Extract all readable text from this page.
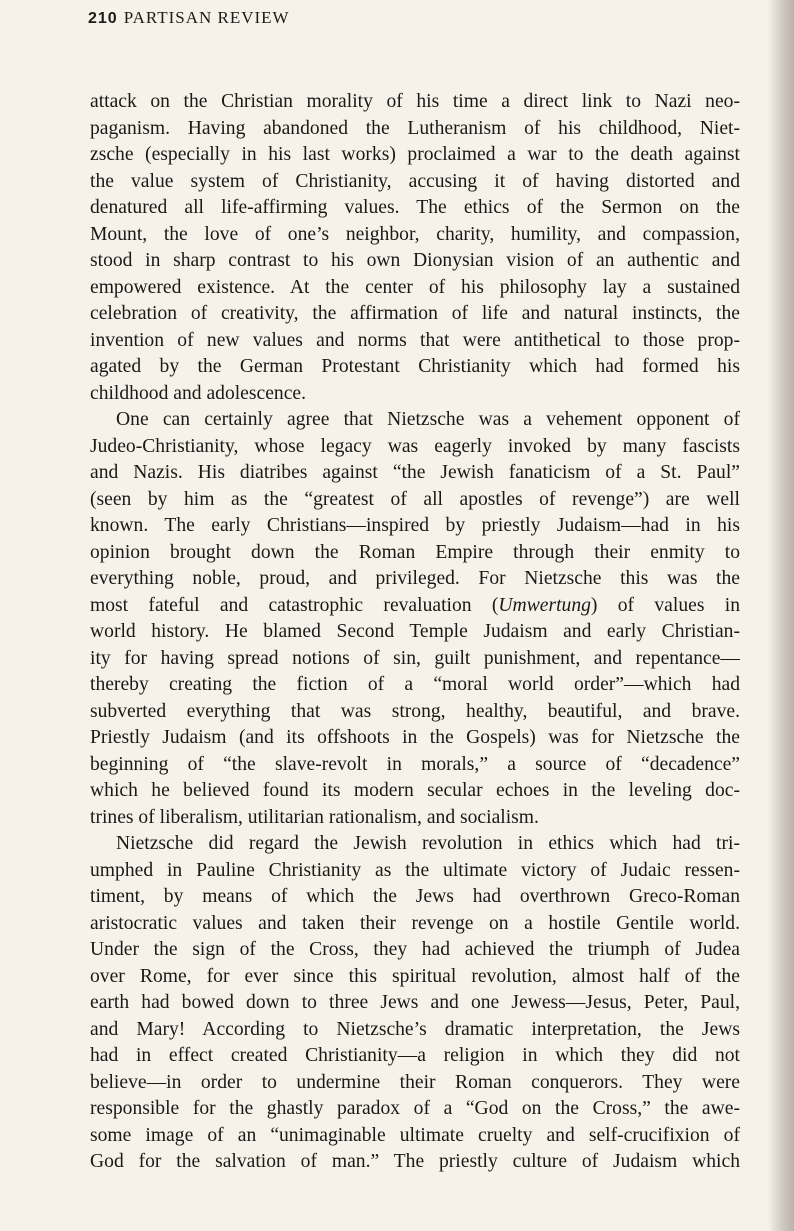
210 PARTISAN REVIEW
attack on the Christian morality of his time a direct link to Nazi neo-
paganism. Having abandoned the Lutheranism of his childhood, Niet-
zsche (especially in his last works) proclaimed a war to the death against
the value system of Christianity, accusing it of having distorted and
denatured all life-affirming values. The ethics of the Sermon on the
Mount, the love of one’s neighbor, charity, humility, and compassion,
stood in sharp contrast to his own Dionysian vision of an authentic and
empowered existence. At the center of his philosophy lay a sustained
celebration of creativity, the affirmation of life and natural instincts, the
invention of new values and norms that were antithetical to those prop-
agated by the German Protestant Christianity which had formed his
childhood and adolescence.
One can certainly agree that Nietzsche was a vehement opponent of
Judeo-Christianity, whose legacy was eagerly invoked by many fascists
and Nazis. His diatribes against “the Jewish fanaticism of a St. Paul”
(seen by him as the “greatest of all apostles of revenge”) are well
known. The early Christians—inspired by priestly Judaism—had in his
opinion brought down the Roman Empire through their enmity to
everything noble, proud, and privileged. For Nietzsche this was the
most fateful and catastrophic revaluation (Umwertung) of values in
world history. He blamed Second Temple Judaism and early Christian-
ity for having spread notions of sin, guilt punishment, and repentance—
thereby creating the fiction of a “moral world order”—which had
subverted everything that was strong, healthy, beautiful, and brave.
Priestly Judaism (and its offshoots in the Gospels) was for Nietzsche the
beginning of “the slave-revolt in morals,” a source of “decadence”
which he believed found its modern secular echoes in the leveling doc-
trines of liberalism, utilitarian rationalism, and socialism.
Nietzsche did regard the Jewish revolution in ethics which had tri-
umphed in Pauline Christianity as the ultimate victory of Judaic ressen-
timent, by means of which the Jews had overthrown Greco-Roman
aristocratic values and taken their revenge on a hostile Gentile world.
Under the sign of the Cross, they had achieved the triumph of Judea
over Rome, for ever since this spiritual revolution, almost half of the
earth had bowed down to three Jews and one Jewess—Jesus, Peter, Paul,
and Mary! According to Nietzsche’s dramatic interpretation, the Jews
had in effect created Christianity—a religion in which they did not
believe—in order to undermine their Roman conquerors. They were
responsible for the ghastly paradox of a “God on the Cross,” the awe-
some image of an “unimaginable ultimate cruelty and self-crucifixion of
God for the salvation of man.” The priestly culture of Judaism which
